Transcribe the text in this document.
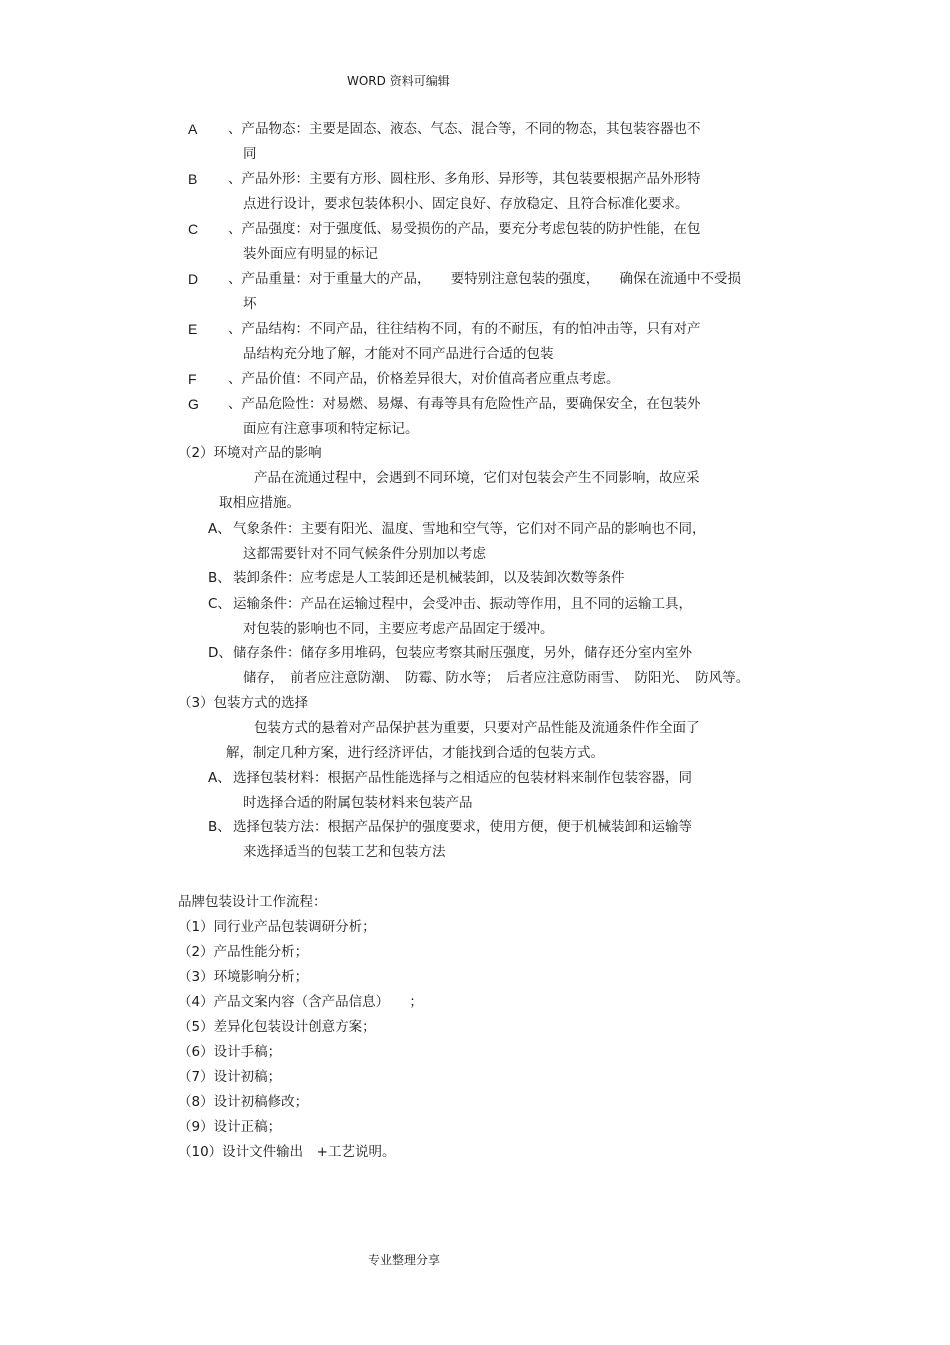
WORD 资料可编辑
A 、产品物态：主要是固态、液态、气态、混合等，不同的物态，其包装容器也不
同
B 、产品外形：主要有方形、圆柱形、多角形、异形等，其包装要根据产品外形特
点进行设计，要求包装体积小、固定良好、存放稳定、且符合标准化要求。
C 、产品强度：对于强度低、易受损伤的产品，要充分考虑包装的防护性能，在包
装外面应有明显的标记
D 、产品重量：对于重量大的产品，　　要特别注意包装的强度，　　确保在流通中不受损
坏
E 、产品结构：不同产品，往往结构不同，有的不耐压，有的怕冲击等，只有对产
品结构充分地了解，才能对不同产品进行合适的包装
F 、产品价值：不同产品，价格差异很大，对价值高者应重点考虑。
G 、产品危险性：对易燃、易爆、有毒等具有危险性产品，要确保安全，在包装外
面应有注意事项和特定标记。
（2）环境对产品的影响
产品在流通过程中，会遇到不同环境，它们对包装会产生不同影响，故应采
取相应措施。
A、 气象条件：主要有阳光、温度、雪地和空气等，它们对不同产品的影响也不同，
这都需要针对不同气候条件分别加以考虑
B、 装卸条件：应考虑是人工装卸还是机械装卸，以及装卸次数等条件
C、 运输条件：产品在运输过程中，会受冲击、振动等作用，且不同的运输工具，
对包装的影响也不同，主要应考虑产品固定于缓冲。
D、 储存条件：储存多用堆码，包装应考察其耐压强度，另外，储存还分室内室外
储存，　前者应注意防潮、　防霉、防水等；　后者应注意防雨雪、　防阳光、　防风等。
（3）包装方式的选择
包装方式的悬着对产品保护甚为重要，只要对产品性能及流通条件作全面了
解，制定几种方案，进行经济评估，才能找到合适的包装方式。
A、 选择包装材料：根据产品性能选择与之相适应的包装材料来制作包装容器，同
时选择合适的附属包装材料来包装产品
B、 选择包装方法：根据产品保护的强度要求，使用方便，便于机械装卸和运输等
来选择适当的包装工艺和包装方法
品牌包装设计工作流程：
（1）同行业产品包装调研分析；
（2）产品性能分析；
（3）环境影响分析；
（4）产品文案内容（含产品信息）　　；
（5）差异化包装设计创意方案；
（6）设计手稿；
（7）设计初稿；
（8）设计初稿修改；
（9）设计正稿；
（10）设计文件输出　+工艺说明。
专业整理分享
